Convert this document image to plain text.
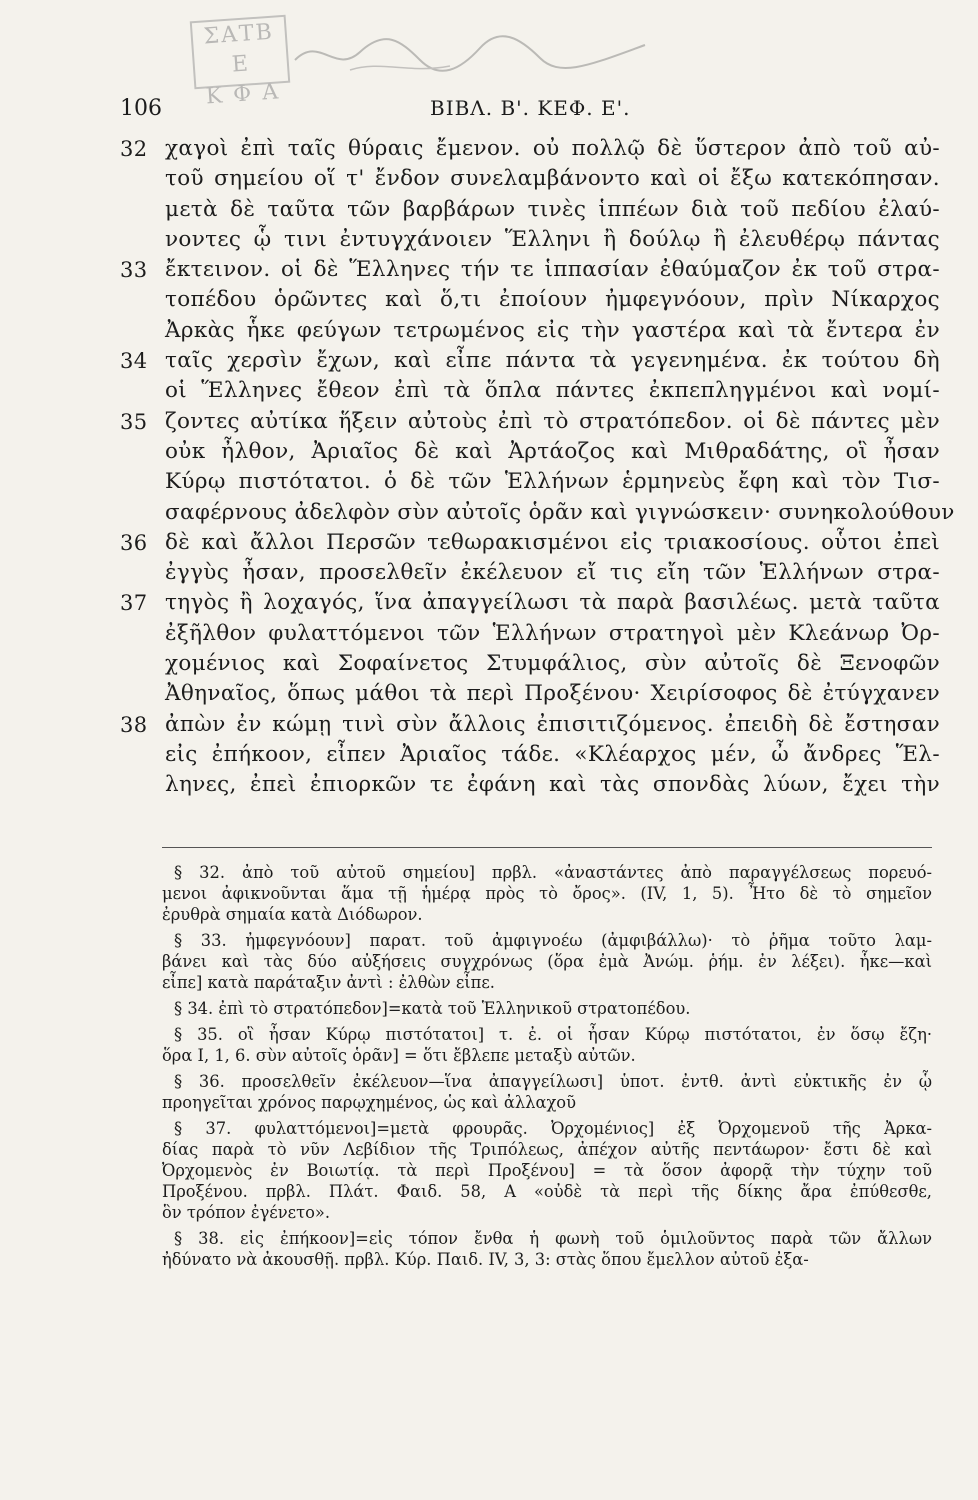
ΣΑΤΒ Ε
Κ Φ Α
106	ΒΙΒΛ. Β'. ΚΕΦ. Ε'.
32 χαγοὶ ἐπὶ ταῖς θύραις ἔμενον. οὐ πολλῷ δὲ ὕστερον ἀπὸ τοῦ αὐ-
τοῦ σημείου οἵ τ' ἔνδον συνελαμβάνοντο καὶ οἱ ἔξω κατεκόπησαν.
μετὰ δὲ ταῦτα τῶν βαρβάρων τινὲς ἱππέων διὰ τοῦ πεδίου ἐλαύ-
νοντες ᾧ τινι ἐντυγχάνοιεν Ἕλληνι ἢ δούλῳ ἢ ἐλευθέρῳ πάντας
33 ἔκτεινον. οἱ δὲ Ἕλληνες τήν τε ἱππασίαν ἐθαύμαζον ἐκ τοῦ στρα-
τοπέδου ὁρῶντες καὶ ὅ,τι ἐποίουν ἠμφεγνόουν, πρὶν Νίκαρχος
Ἀρκὰς ἧκε φεύγων τετρωμένος εἰς τὴν γαστέρα καὶ τὰ ἔντερα ἐν
34 ταῖς χερσὶν ἔχων, καὶ εἶπε πάντα τὰ γεγενημένα. ἐκ τούτου δὴ
οἱ Ἕλληνες ἔθεον ἐπὶ τὰ ὅπλα πάντες ἐκπεπληγμένοι καὶ νομί-
35 ζοντες αὐτίκα ἥξειν αὐτοὺς ἐπὶ τὸ στρατόπεδον. οἱ δὲ πάντες μὲν
οὐκ ἦλθον, Ἀριαῖος δὲ καὶ Ἀρτάοζος καὶ Μιθραδάτης, οἳ ἦσαν
Κύρῳ πιστότατοι. ὁ δὲ τῶν Ἑλλήνων ἑρμηνεὺς ἔφη καὶ τὸν Τισ-
σαφέρνους ἀδελφὸν σὺν αὐτοῖς ὁρᾶν καὶ γιγνώσκειν· συνηκολούθουν
36 δὲ καὶ ἄλλοι Περσῶν τεθωρακισμένοι εἰς τριακοσίους. οὗτοι ἐπεὶ
ἐγγὺς ἦσαν, προσελθεῖν ἐκέλευον εἴ τις εἴη τῶν Ἑλλήνων στρα-
37 τηγὸς ἢ λοχαγός, ἵνα ἀπαγγείλωσι τὰ παρὰ βασιλέως. μετὰ ταῦτα
ἐξῆλθον φυλαττόμενοι τῶν Ἑλλήνων στρατηγοὶ μὲν Κλεάνωρ Ὀρ-
χομένιος καὶ Σοφαίνετος Στυμφάλιος, σὺν αὐτοῖς δὲ Ξενοφῶν
Ἀθηναῖος, ὅπως μάθοι τὰ περὶ Προξένου· Χειρίσοφος δὲ ἐτύγχανεν
38 ἀπὼν ἐν κώμῃ τινὶ σὺν ἄλλοις ἐπισιτιζόμενος. ἐπειδὴ δὲ ἔστησαν
εἰς ἐπήκοον, εἶπεν Ἀριαῖος τάδε. «Κλέαρχος μέν, ὦ ἄνδρες Ἕλ-
ληνες, ἐπεὶ ἐπιορκῶν τε ἐφάνη καὶ τὰς σπονδὰς λύων, ἔχει τὴν
§ 32. ἀπὸ τοῦ αὐτοῦ σημείου] πρβλ. «ἀναστάντες ἀπὸ παραγγέλσεως πορευό-
μενοι ἀφικνοῦνται ἅμα τῇ ἡμέρᾳ πρὸς τὸ ὄρος». (IV, 1, 5). Ἦτο δὲ τὸ σημεῖον
ἐρυθρὰ σημαία κατὰ Διόδωρον.
§ 33. ἠμφεγνόουν] παρατ. τοῦ ἀμφιγνοέω (ἀμφιβάλλω)· τὸ ῥῆμα τοῦτο λαμ-
βάνει καὶ τὰς δύο αὐξήσεις συγχρόνως (ὅρα ἐμὰ Ἀνώμ. ῥήμ. ἐν λέξει). ἧκε—καὶ
εἶπε] κατὰ παράταξιν ἀντὶ : ἐλθὼν εἶπε.
§ 34. ἐπὶ τὸ στρατόπεδον]=κατὰ τοῦ Ἑλληνικοῦ στρατοπέδου.
§ 35. οἳ ἦσαν Κύρῳ πιστότατοι] τ. ἐ. οἱ ἦσαν Κύρῳ πιστότατοι, ἐν ὅσῳ ἔζη·
ὅρα I, 1, 6. σὺν αὐτοῖς ὁρᾶν] = ὅτι ἔβλεπε μεταξὺ αὐτῶν.
§ 36. προσελθεῖν ἐκέλευον—ἵνα ἀπαγγείλωσι] ὑποτ. ἐντθ. ἀντὶ εὐκτικῆς ἐν ᾧ
προηγεῖται χρόνος παρῳχημένος, ὡς καὶ ἀλλαχοῦ
§ 37. φυλαττόμενοι]=μετὰ φρουρᾶς. Ὀρχομένιος] ἐξ Ὀρχομενοῦ τῆς Ἀρκα-
δίας παρὰ τὸ νῦν Λεβίδιον τῆς Τριπόλεως, ἀπέχον αὐτῆς πεντάωρον· ἔστι δὲ καὶ
Ὀρχομενὸς ἐν Βοιωτίᾳ. τὰ περὶ Προξένου] = τὰ ὅσον ἀφορᾷ τὴν τύχην τοῦ
Προξένου. πρβλ. Πλάτ. Φαιδ. 58, A «οὐδὲ τὰ περὶ τῆς δίκης ἄρα ἐπύθεσθε,
ὃν τρόπον ἐγένετο».
§ 38. εἰς ἐπήκοον]=εἰς τόπον ἔνθα ἡ φωνὴ τοῦ ὁμιλοῦντος παρὰ τῶν ἄλλων
ἠδύνατο νὰ ἀκουσθῇ. πρβλ. Κύρ. Παιδ. IV, 3, 3: στὰς ὅπου ἔμελλον αὐτοῦ ἐξα-
